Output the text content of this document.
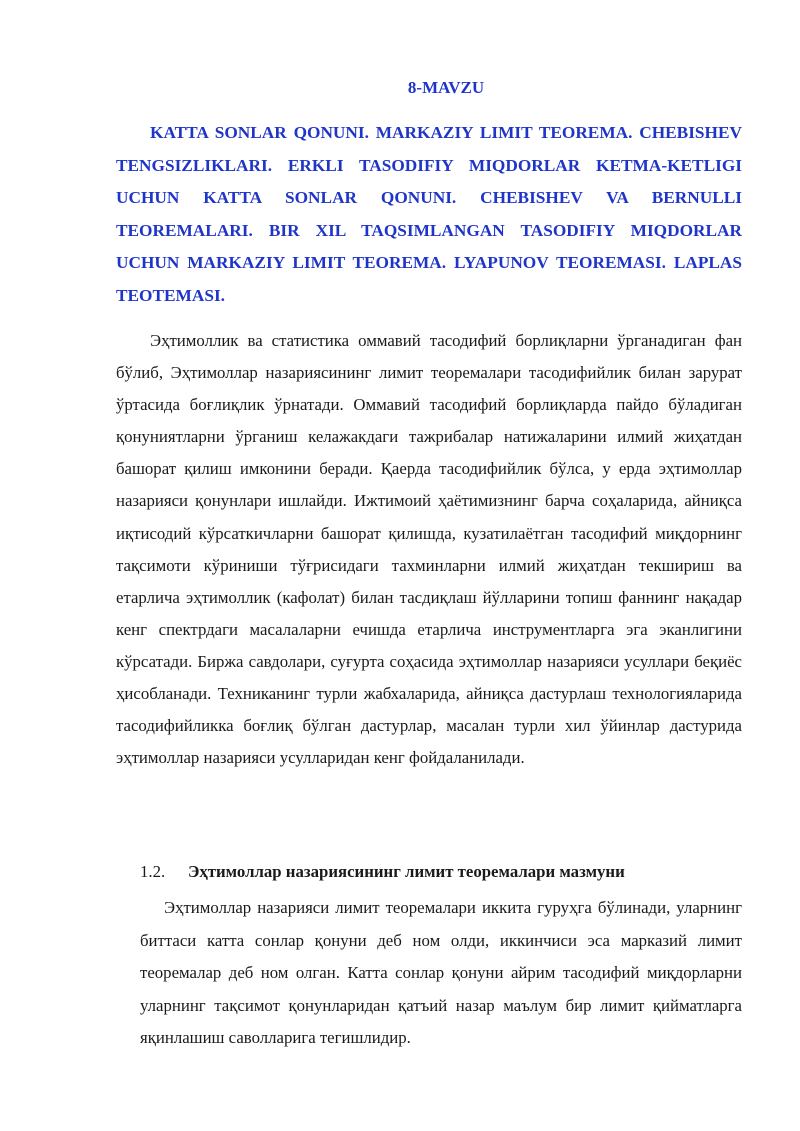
8-MAVZU

KATTA SONLAR QONUNI. MARKAZIY LIMIT TEOREMA. CHEBISHEV TENGSIZLIKLARI. ERKLI TASODIFIY MIQDORLAR KETMA-KETLIGI UCHUN KATTA SONLAR QONUNI. CHEBISHEV VA BERNULLI TEOREMALARI. BIR XIL TAQSIMLANGAN TASODIFIY MIQDORLAR UCHUN MARKAZIY LIMIT TEOREMA. LYAPUNOV TEOREMASI. LAPLAS TEOTEMASI.

Эҳтимоллик ва статистика оммавий тасодифий борлиқларни ўрганадиган фан бўлиб, Эҳтимоллар назариясининг лимит теоремалари тасодифийлик билан зарурат ўртасида боғлиқлик ўрнатади. Оммавий тасодифий борлиқларда пайдо бўладиган қонуниятларни ўрганиш келажакдаги тажрибалар натижаларини илмий жиҳатдан башорат қилиш имконини беради. Қаерда тасодифийлик бўлса, у ерда эҳтимоллар назарияси қонунлари ишлайди. Ижтимоий ҳаётимизнинг барча соҳаларида, айниқса иқтисодий кўрсаткичларни башорат қилишда, кузатилаётган тасодифий миқдорнинг тақсимоти кўриниши тўғрисидаги тахминларни илмий жиҳатдан текшириш ва етарлича эҳтимоллик (кафолат) билан тасдиқлаш йўлларини топиш фаннинг нақадар кенг спектрдаги масалаларни ечишда етарлича инструментларга эга эканлигини кўрсатади. Биржа савдолари, суғурта соҳасида эҳтимоллар назарияси усуллари беқиёс ҳисобланади. Техниканинг турли жабхаларида, айниқса дастурлаш технологияларида тасодифийликка боғлиқ бўлган дастурлар, масалан турли хил ўйинлар дастурида эҳтимоллар назарияси усулларидан кенг фойдаланилади.

1.2. Эҳтимоллар назариясининг лимит теоремалари мазмуни

Эҳтимоллар назарияси лимит теоремалари иккита гуруҳга бўлинади, уларнинг биттаси катта сонлар қонуни деб ном олди, иккинчиси эса марказий лимит теоремалар деб ном олган. Катта сонлар қонуни айрим тасодифий миқдорларни уларнинг тақсимот қонунларидан қатъий назар маълум бир лимит қийматларга яқинлашиш саволларига тегишлидир.
